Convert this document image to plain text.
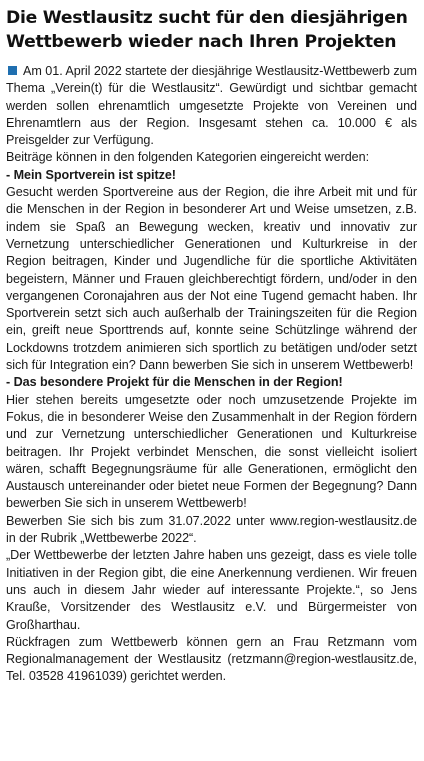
Die Westlausitz sucht für den diesjährigen Wettbewerb wieder nach Ihren Projekten

Am 01. April 2022 startete der diesjährige Westlausitz-Wettbewerb zum Thema „Verein(t) für die Westlausitz“. Gewürdigt und sichtbar gemacht werden sollen ehrenamtlich umgesetzte Projekte von Vereinen und Ehrenamtlern aus der Region. Insgesamt stehen ca. 10.000 € als Preisgelder zur Verfügung.

Beiträge können in den folgenden Kategorien eingereicht werden:

- Mein Sportverein ist spitze!

Gesucht werden Sportvereine aus der Region, die ihre Arbeit mit und für die Menschen in der Region in besonderer Art und Weise umsetzen, z.B. indem sie Spaß an Bewegung wecken, kreativ und innovativ zur Vernetzung unterschiedlicher Generationen und Kulturkreise in der Region beitragen, Kinder und Jugendliche für die sportliche Aktivitäten begeistern, Männer und Frauen gleichberechtigt fördern, und/oder in den vergangenen Coronajahren aus der Not eine Tugend gemacht haben. Ihr Sportverein setzt sich auch außerhalb der Trainingszeiten für die Region ein, greift neue Sporttrends auf, konnte seine Schützlinge während der Lockdowns trotzdem animieren sich sportlich zu betätigen und/oder setzt sich für Integration ein? Dann bewerben Sie sich in unserem Wettbewerb!

- Das besondere Projekt für die Menschen in der Region!

Hier stehen bereits umgesetzte oder noch umzusetzende Projekte im Fokus, die in besonderer Weise den Zusammenhalt in der Region fördern und zur Vernetzung unterschiedlicher Generationen und Kulturkreise beitragen. Ihr Projekt verbindet Menschen, die sonst vielleicht isoliert wären, schafft Begegnungsräume für alle Generationen, ermöglicht den Austausch untereinander oder bietet neue Formen der Begegnung? Dann bewerben Sie sich in unserem Wettbewerb!

Bewerben Sie sich bis zum 31.07.2022 unter www.region-westlausitz.de in der Rubrik „Wettbewerbe 2022“.

„Der Wettbewerbe der letzten Jahre haben uns gezeigt, dass es viele tolle Initiativen in der Region gibt, die eine Anerkennung verdienen. Wir freuen uns auch in diesem Jahr wieder auf interessante Projekte.“, so Jens Krauße, Vorsitzender des Westlausitz e.V. und Bürgermeister von Großharthau.

Rückfragen zum Wettbewerb können gern an Frau Retzmann vom Regionalmanagement der Westlausitz (retzmann@region-westlausitz.de, Tel. 03528 41961039) gerichtet werden.
